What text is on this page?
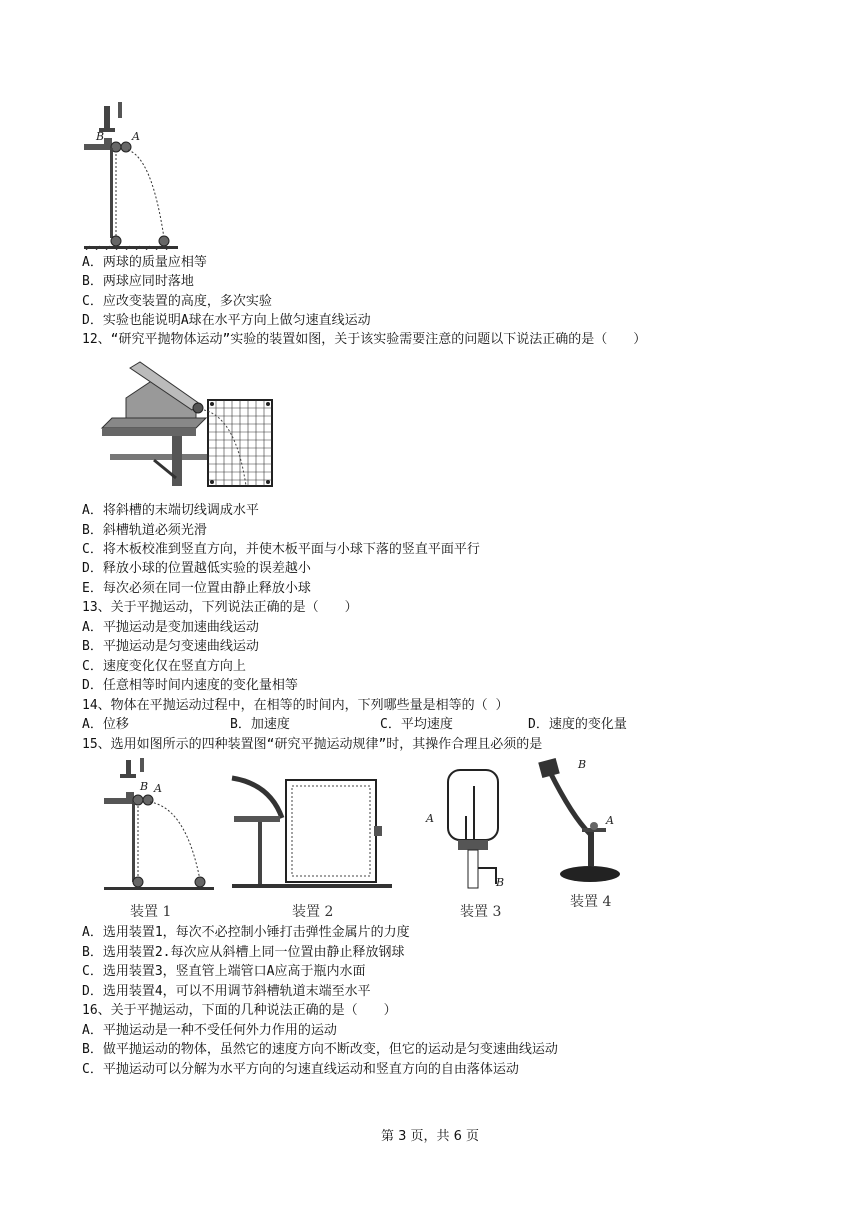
B	A
A．两球的质量应相等
B．两球应同时落地
C．应改变装置的高度，多次实验
D．实验也能说明A球在水平方向上做匀速直线运动
12、“研究平抛物体运动”实验的装置如图，关于该实验需要注意的问题以下说法正确的是（　　）
A．将斜槽的末端切线调成水平
B．斜槽轨道必须光滑
C．将木板校准到竖直方向，并使木板平面与小球下落的竖直平面平行
D．释放小球的位置越低实验的误差越小
E．每次必须在同一位置由静止释放小球
13、关于平抛运动，下列说法正确的是（　　）
A．平抛运动是变加速曲线运动
B．平抛运动是匀变速曲线运动
C．速度变化仅在竖直方向上
D．任意相等时间内速度的变化量相等
14、物体在平抛运动过程中，在相等的时间内，下列哪些量是相等的（ ）
A．位移	B．加速度	C．平均速度	D．速度的变化量
15、选用如图所示的四种装置图“研究平抛运动规律”时，其操作合理且必须的是
B A
装置 1	装置 2
A
B
装置 3
B
A
装置 4
A．选用装置1，每次不必控制小锤打击弹性金属片的力度
B．选用装置2.每次应从斜槽上同一位置由静止释放钢球
C．选用装置3，竖直管上端管口A应高于瓶内水面
D．选用装置4，可以不用调节斜槽轨道末端至水平
16、关于平抛运动，下面的几种说法正确的是（　　）
A．平抛运动是一种不受任何外力作用的运动
B．做平抛运动的物体，虽然它的速度方向不断改变，但它的运动是匀变速曲线运动
C．平抛运动可以分解为水平方向的匀速直线运动和竖直方向的自由落体运动
第 3 页，共 6 页
